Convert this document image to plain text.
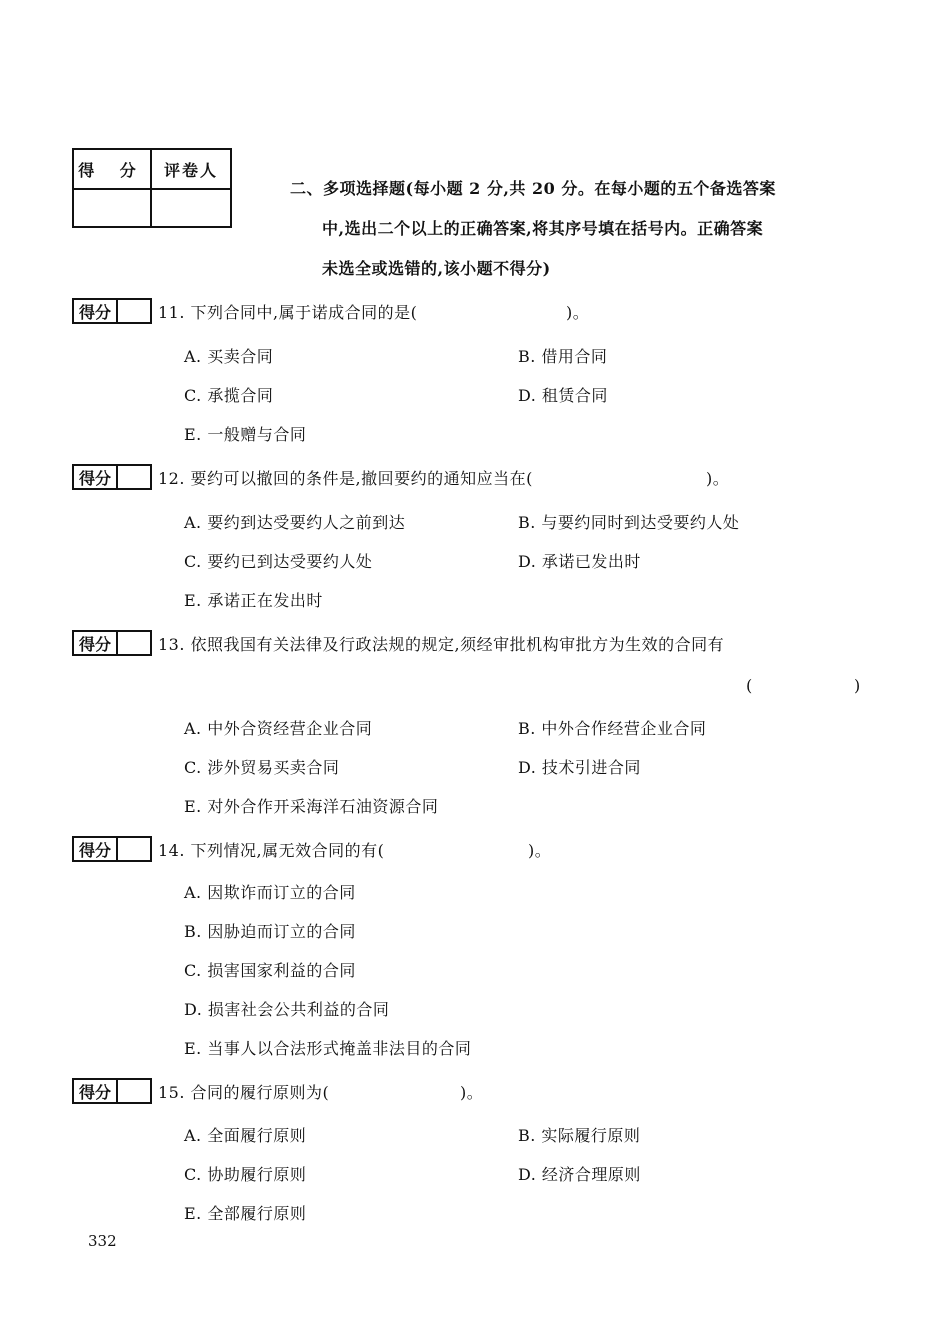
得 分	评卷人
二、多项选择题(每小题 2 分,共 20 分。在每小题的五个备选答案
中,选出二个以上的正确答案,将其序号填在括号内。正确答案
未选全或选错的,该小题不得分)
得分	11. 下列合同中,属于诺成合同的是(	)。
A. 买卖合同	B. 借用合同
C. 承揽合同	D. 租赁合同
E. 一般赠与合同
得分	12. 要约可以撤回的条件是,撤回要约的通知应当在(	)。
A. 要约到达受要约人之前到达	B. 与要约同时到达受要约人处
C. 要约已到达受要约人处	D. 承诺已发出时
E. 承诺正在发出时
得分	13. 依照我国有关法律及行政法规的规定,须经审批机构审批方为生效的合同有
(	)
A. 中外合资经营企业合同	B. 中外合作经营企业合同
C. 涉外贸易买卖合同	D. 技术引进合同
E. 对外合作开采海洋石油资源合同
得分	14. 下列情况,属无效合同的有(	)。
A. 因欺诈而订立的合同
B. 因胁迫而订立的合同
C. 损害国家利益的合同
D. 损害社会公共利益的合同
E. 当事人以合法形式掩盖非法目的合同
得分	15. 合同的履行原则为(	)。
A. 全面履行原则	B. 实际履行原则
C. 协助履行原则	D. 经济合理原则
E. 全部履行原则
332
